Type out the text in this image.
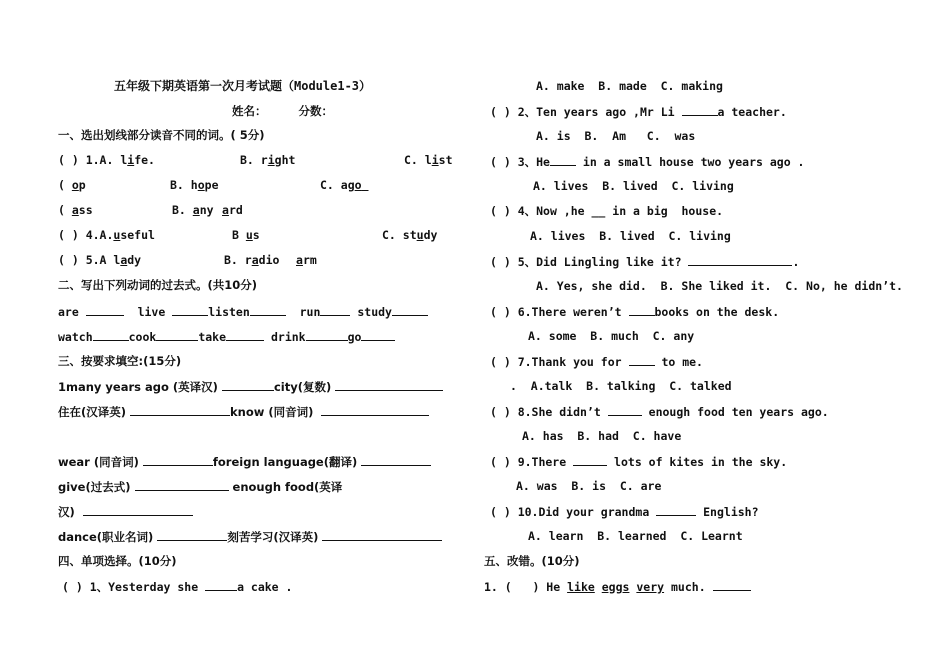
五年级下期英语第一次月考试题（Module1-3）
姓名：        分数：
一、选出划线部分读音不同的词。( 5分)
( ) 1.A. life.	B. right	C. list
( op	B. hope	C. ago
( ass	B. any ard
( ) 4.A.useful	B us	C. study
( ) 5.A lady	B. radio arm
二、写出下列动词的过去式。(共10分)
are	live	listen	run	study
watch	cook	take	drink	go
三、按要求填空:(15分)
1many years ago (英译汉)	city(复数)
住在(汉译英)	know (同音词)
wear (同音词)	foreign language(翻译)
give(过去式)	enough food(英译
汉)
dance(职业名词)	刻苦学习(汉译英)
四、单项选择。(10分)
( ) 1、Yesterday she	a cake .
A. make  B. made  C. making
( ) 2、Ten years ago ,Mr Li	a teacher.
A. is  B.  Am   C.  was
( ) 3、He	in a small house two years ago .
A. lives  B. lived  C. living
( ) 4、Now ,he __ in a big  house.
A. lives  B. lived  C. living
( ) 5、Did Lingling like it?	.
A. Yes, she did.  B. She liked it.  C. No, he didn’t.
( ) 6.There weren’t	books on the desk.
A. some  B. much  C. any
( ) 7.Thank you for	to me.
.  A.talk  B. talking  C. talked
( ) 8.She didn’t	enough food ten years ago.
A. has  B. had  C. have
( ) 9.There	lots of kites in the sky.
A. was  B. is  C. are
( ) 10.Did your grandma	English?
A. learn  B. learned  C. Learnt
五、改错。(10分)
1. (   ) He like eggs very much.
